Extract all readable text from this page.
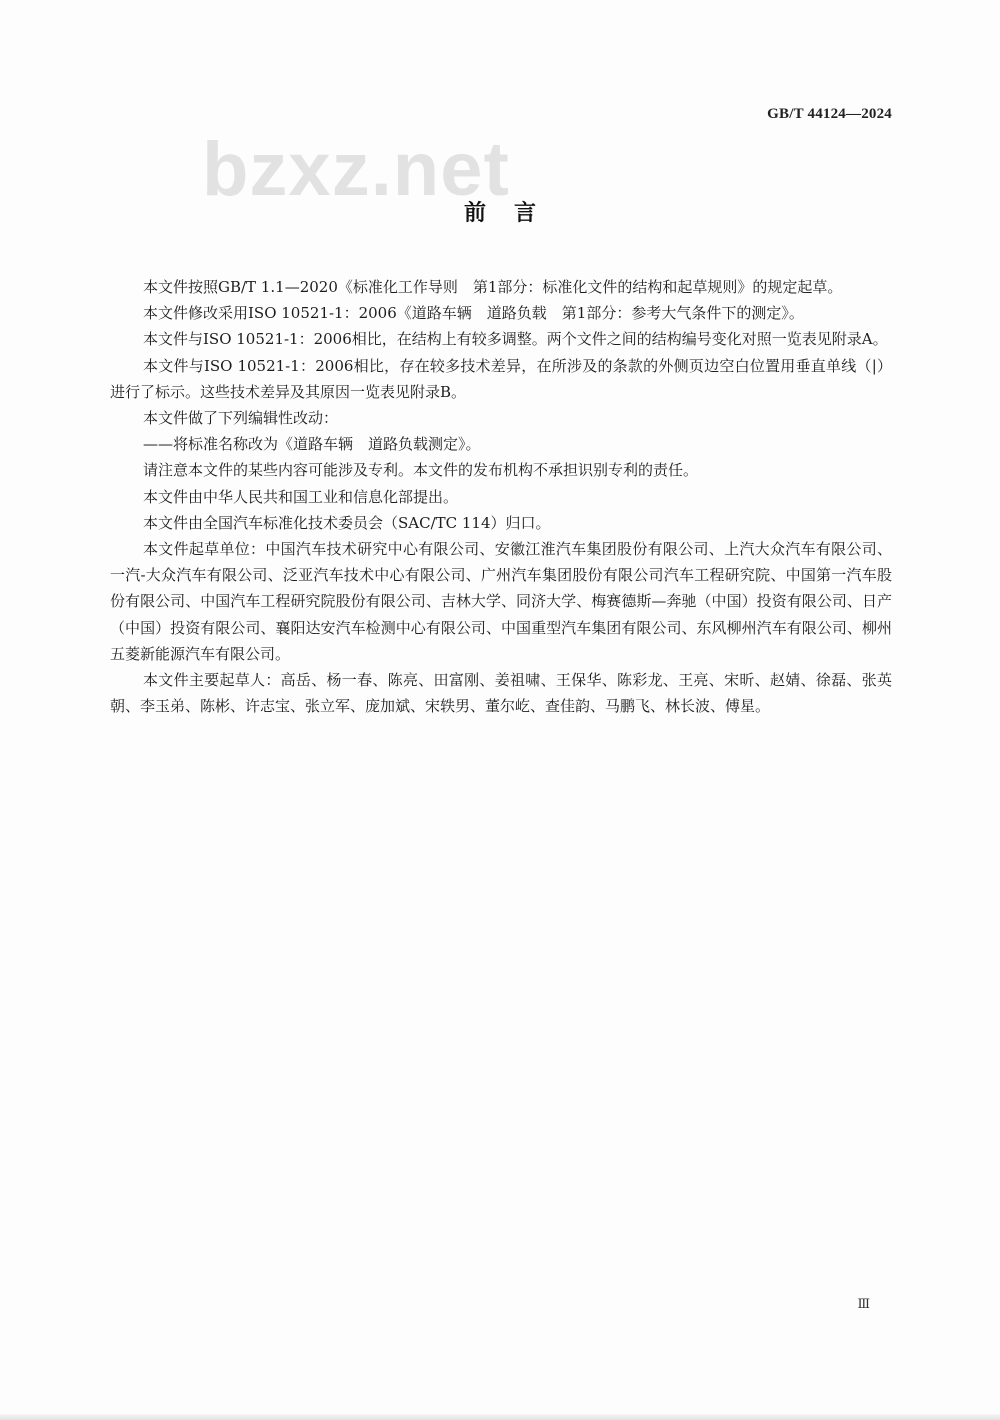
GB/T 44124—2024
bzxz.net
前言

本文件按照GB/T 1.1—2020《标准化工作导则　第1部分：标准化文件的结构和起草规则》的规定起草。

本文件修改采用ISO 10521-1：2006《道路车辆　道路负载　第1部分：参考大气条件下的测定》。

本文件与ISO 10521-1：2006相比，在结构上有较多调整。两个文件之间的结构编号变化对照一览表见附录A。

本文件与ISO 10521-1：2006相比，存在较多技术差异，在所涉及的条款的外侧页边空白位置用垂直单线（|）进行了标示。这些技术差异及其原因一览表见附录B。

本文件做了下列编辑性改动：

——将标准名称改为《道路车辆　道路负载测定》。

请注意本文件的某些内容可能涉及专利。本文件的发布机构不承担识别专利的责任。

本文件由中华人民共和国工业和信息化部提出。

本文件由全国汽车标准化技术委员会（SAC/TC 114）归口。

本文件起草单位：中国汽车技术研究中心有限公司、安徽江淮汽车集团股份有限公司、上汽大众汽车有限公司、一汽-大众汽车有限公司、泛亚汽车技术中心有限公司、广州汽车集团股份有限公司汽车工程研究院、中国第一汽车股份有限公司、中国汽车工程研究院股份有限公司、吉林大学、同济大学、梅赛德斯—奔驰（中国）投资有限公司、日产（中国）投资有限公司、襄阳达安汽车检测中心有限公司、中国重型汽车集团有限公司、东风柳州汽车有限公司、柳州五菱新能源汽车有限公司。

本文件主要起草人：高岳、杨一春、陈亮、田富刚、姜祖啸、王保华、陈彩龙、王亮、宋昕、赵婧、徐磊、张英朝、李玉弟、陈彬、许志宝、张立军、庞加斌、宋轶男、董尔屹、查佳韵、马鹏飞、林长波、傅星。

Ⅲ
